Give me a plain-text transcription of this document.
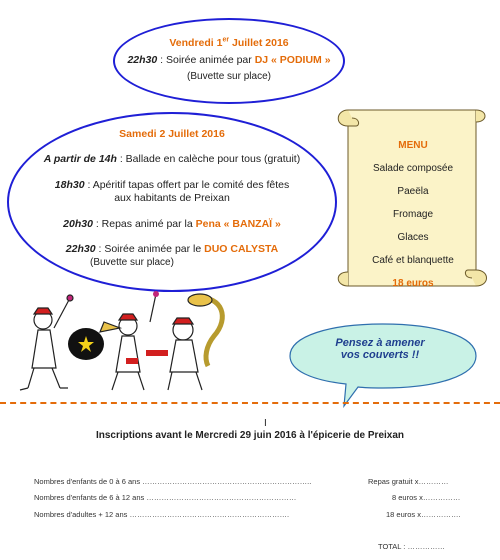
Vendredi 1er Juillet 2016
22h30 : Soirée animée par DJ « PODIUM »
(Buvette sur place)
Samedi 2 Juillet 2016
A partir de 14h : Ballade en calèche pour tous (gratuit)
18h30 : Apéritif tapas offert par le comité des fêtes
aux habitants de Preixan
20h30 : Repas animé par la Pena « BANZAÏ »
22h30 : Soirée animée par le DUO CALYSTA
(Buvette sur place)
MENU
Salade composée
Paeëla
Fromage
Glaces
Café et blanquette
18 euros
Pensez à amener
vos couverts !!
I
Inscriptions avant le Mercredi 29 juin 2016 à l'épicerie de Preixan
Nombres d'enfants de 0 à 6 ans …………………………………………………………..	Repas gratuit x…………
Nombres d'enfants de 6 à 12 ans ……………………………………………………	8 euros x……………
Nombres d'adultes + 12 ans ……………………………………………………….	18 euros x…………….
TOTAL : ……………
